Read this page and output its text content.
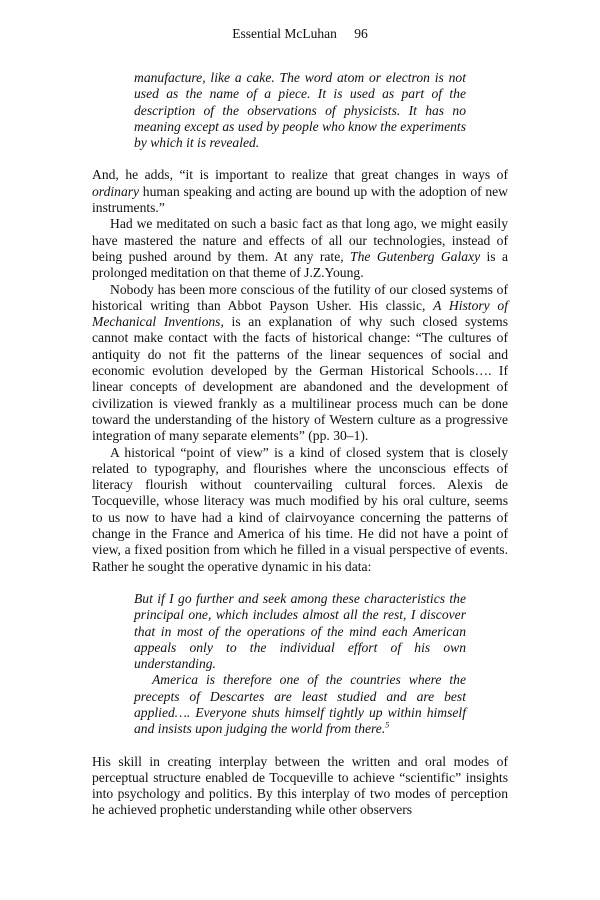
Essential McLuhan 96

manufacture, like a cake. The word atom or electron is not used as the name of a piece. It is used as part of the description of the observations of physicists. It has no meaning except as used by people who know the experiments by which it is revealed.

And, he adds, “it is important to realize that great changes in ways of ordinary human speaking and acting are bound up with the adoption of new instruments.”

Had we meditated on such a basic fact as that long ago, we might easily have mastered the nature and effects of all our technologies, instead of being pushed around by them. At any rate, The Gutenberg Galaxy is a prolonged meditation on that theme of J.Z.Young.

Nobody has been more conscious of the futility of our closed systems of historical writing than Abbot Payson Usher. His classic, A History of Mechanical Inventions, is an explanation of why such closed systems cannot make contact with the facts of historical change: “The cultures of antiquity do not fit the patterns of the linear sequences of social and economic evolution developed by the German Historical Schools…. If linear concepts of development are abandoned and the development of civilization is viewed frankly as a multilinear process much can be done toward the understanding of the history of Western culture as a progressive integration of many separate elements” (pp. 30–1).

A historical “point of view” is a kind of closed system that is closely related to typography, and flourishes where the unconscious effects of literacy flourish without countervailing cultural forces. Alexis de Tocqueville, whose literacy was much modified by his oral culture, seems to us now to have had a kind of clairvoyance concerning the patterns of change in the France and America of his time. He did not have a point of view, a fixed position from which he filled in a visual perspective of events. Rather he sought the operative dynamic in his data:

But if I go further and seek among these characteristics the principal one, which includes almost all the rest, I discover that in most of the operations of the mind each American appeals only to the individual effort of his own understanding.

America is therefore one of the countries where the precepts of Descartes are least studied and are best applied…. Everyone shuts himself tightly up within himself and insists upon judging the world from there.$^5$

His skill in creating interplay between the written and oral modes of perceptual structure enabled de Tocqueville to achieve “scientific” insights into psychology and politics. By this interplay of two modes of perception he achieved prophetic understanding while other observers
